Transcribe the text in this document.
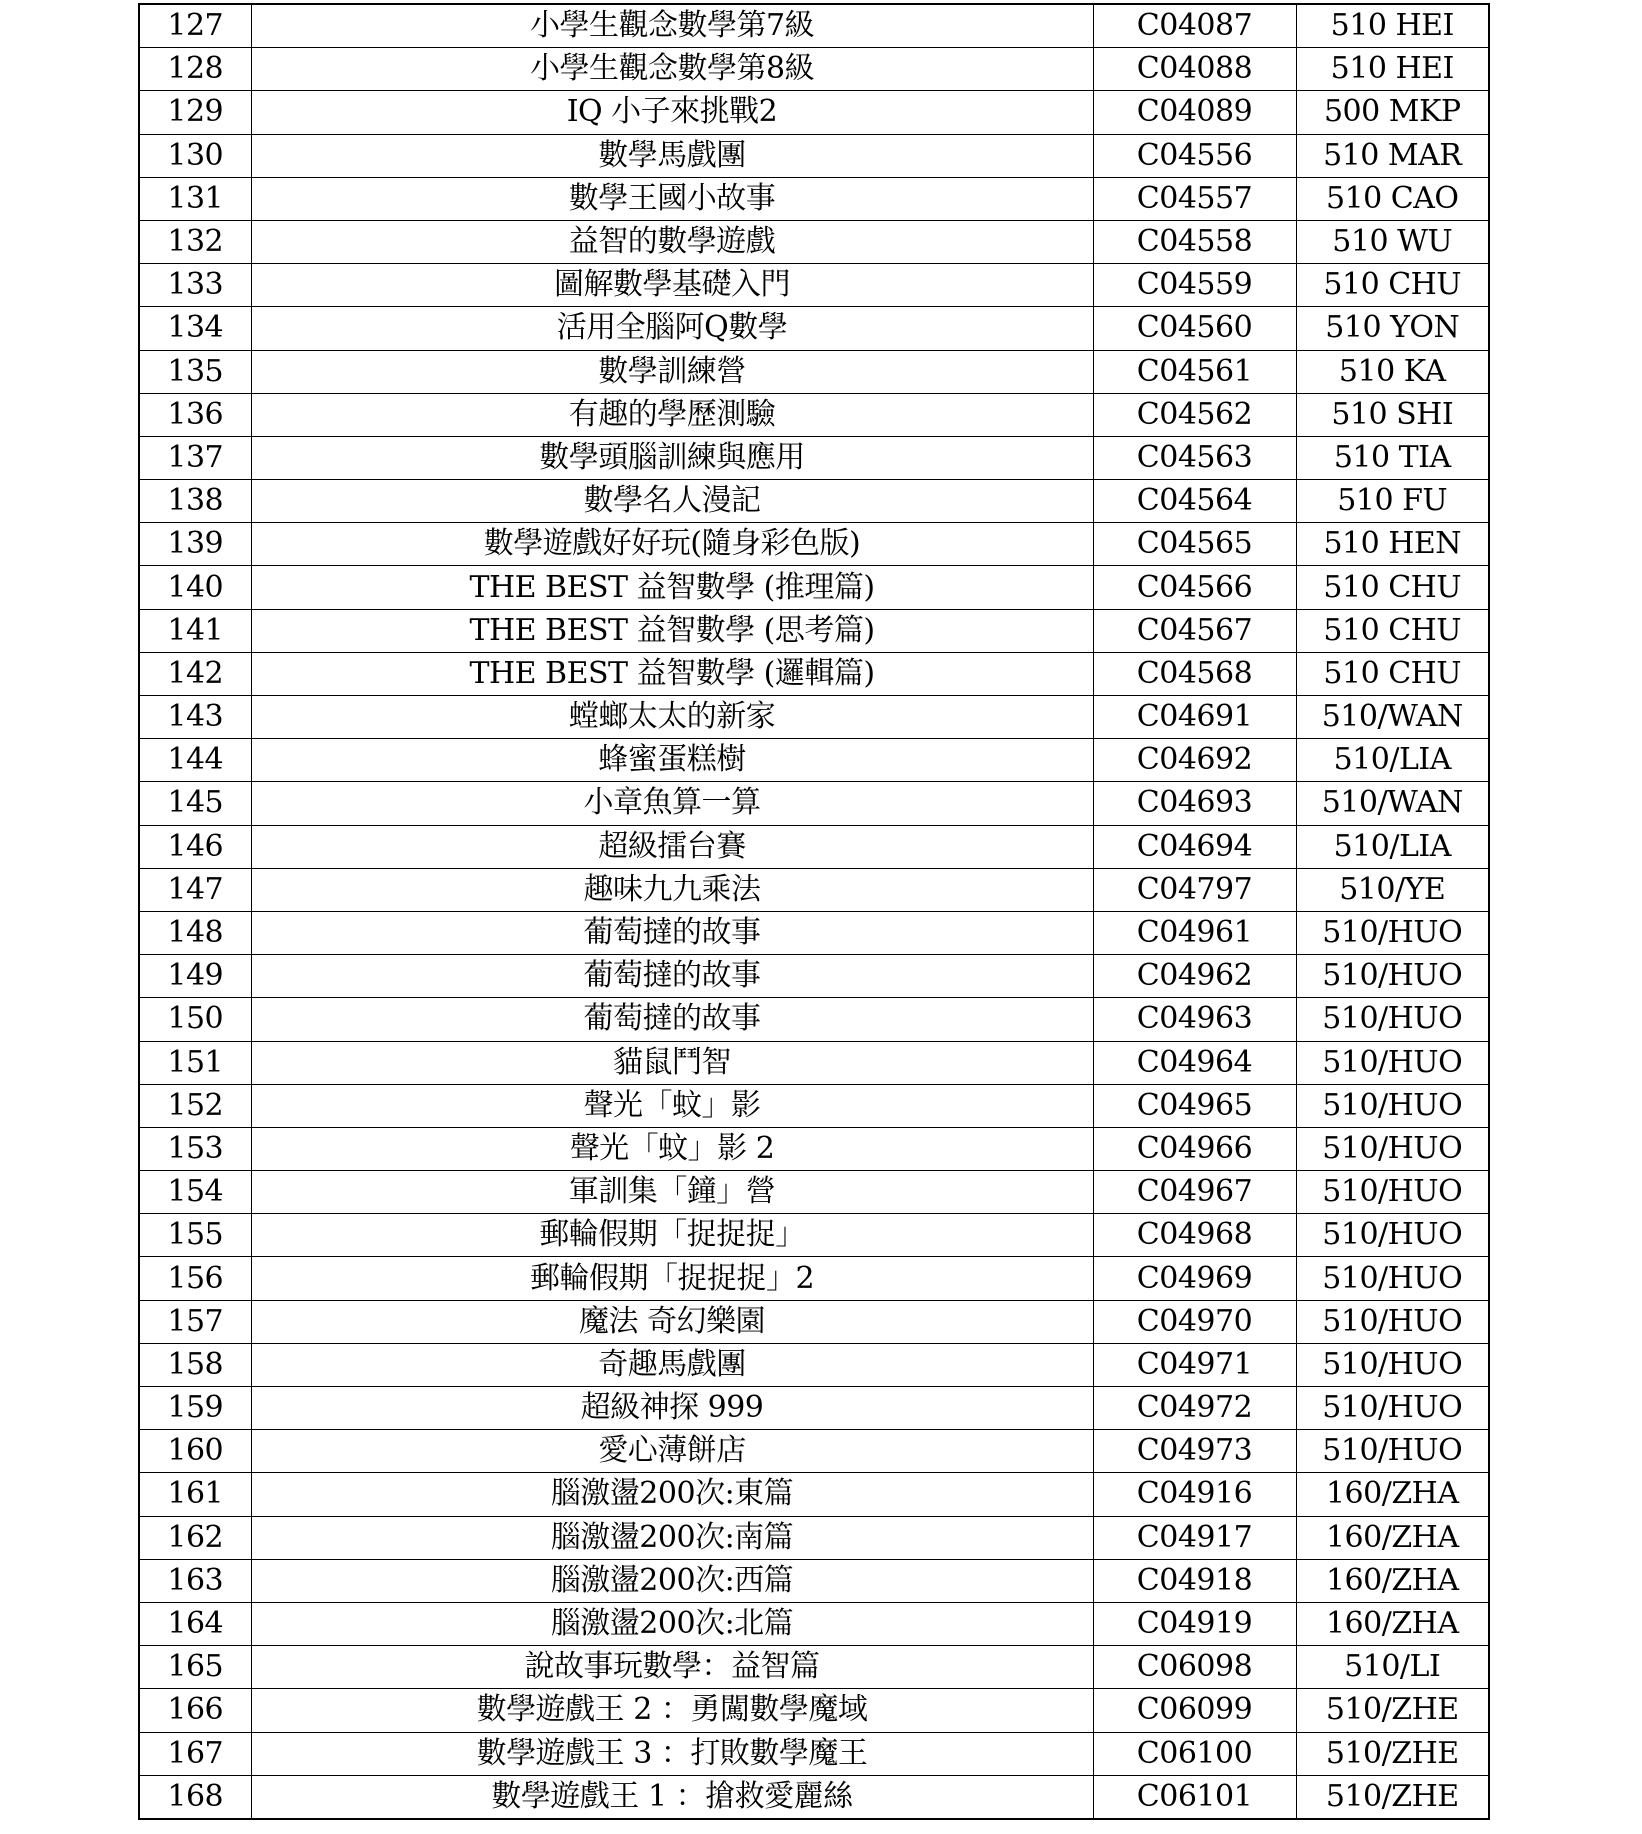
127	小學生觀念數學第7級	C04087	510 HEI
128	小學生觀念數學第8級	C04088	510 HEI
129	IQ 小子來挑戰2	C04089	500 MKP
130	數學馬戲團	C04556	510 MAR
131	數學王國小故事	C04557	510 CAO
132	益智的數學遊戲	C04558	510 WU
133	圖解數學基礎入門	C04559	510 CHU
134	活用全腦阿Q數學	C04560	510 YON
135	數學訓練營	C04561	510 KA
136	有趣的學歷測驗	C04562	510 SHI
137	數學頭腦訓練與應用	C04563	510 TIA
138	數學名人漫記	C04564	510 FU
139	數學遊戲好好玩(隨身彩色版)	C04565	510 HEN
140	THE BEST 益智數學 (推理篇)	C04566	510 CHU
141	THE BEST 益智數學 (思考篇)	C04567	510 CHU
142	THE BEST 益智數學 (邏輯篇)	C04568	510 CHU
143	螳螂太太的新家	C04691	510/WAN
144	蜂蜜蛋糕樹	C04692	510/LIA
145	小章魚算一算	C04693	510/WAN
146	超級擂台賽	C04694	510/LIA
147	趣味九九乘法	C04797	510/YE
148	葡萄撻的故事	C04961	510/HUO
149	葡萄撻的故事	C04962	510/HUO
150	葡萄撻的故事	C04963	510/HUO
151	貓鼠鬥智	C04964	510/HUO
152	聲光「蚊」影	C04965	510/HUO
153	聲光「蚊」影 2	C04966	510/HUO
154	軍訓集「鐘」營	C04967	510/HUO
155	郵輪假期「捉捉捉」	C04968	510/HUO
156	郵輪假期「捉捉捉」2	C04969	510/HUO
157	魔法 奇幻樂園	C04970	510/HUO
158	奇趣馬戲團	C04971	510/HUO
159	超級神探 999	C04972	510/HUO
160	愛心薄餅店	C04973	510/HUO
161	腦激盪200次:東篇	C04916	160/ZHA
162	腦激盪200次:南篇	C04917	160/ZHA
163	腦激盪200次:西篇	C04918	160/ZHA
164	腦激盪200次:北篇	C04919	160/ZHA
165	說故事玩數學：益智篇	C06098	510/LI
166	數學遊戲王 2 ：勇闖數學魔域	C06099	510/ZHE
167	數學遊戲王 3 ：打敗數學魔王	C06100	510/ZHE
168	數學遊戲王 1 ：搶救愛麗絲	C06101	510/ZHE
